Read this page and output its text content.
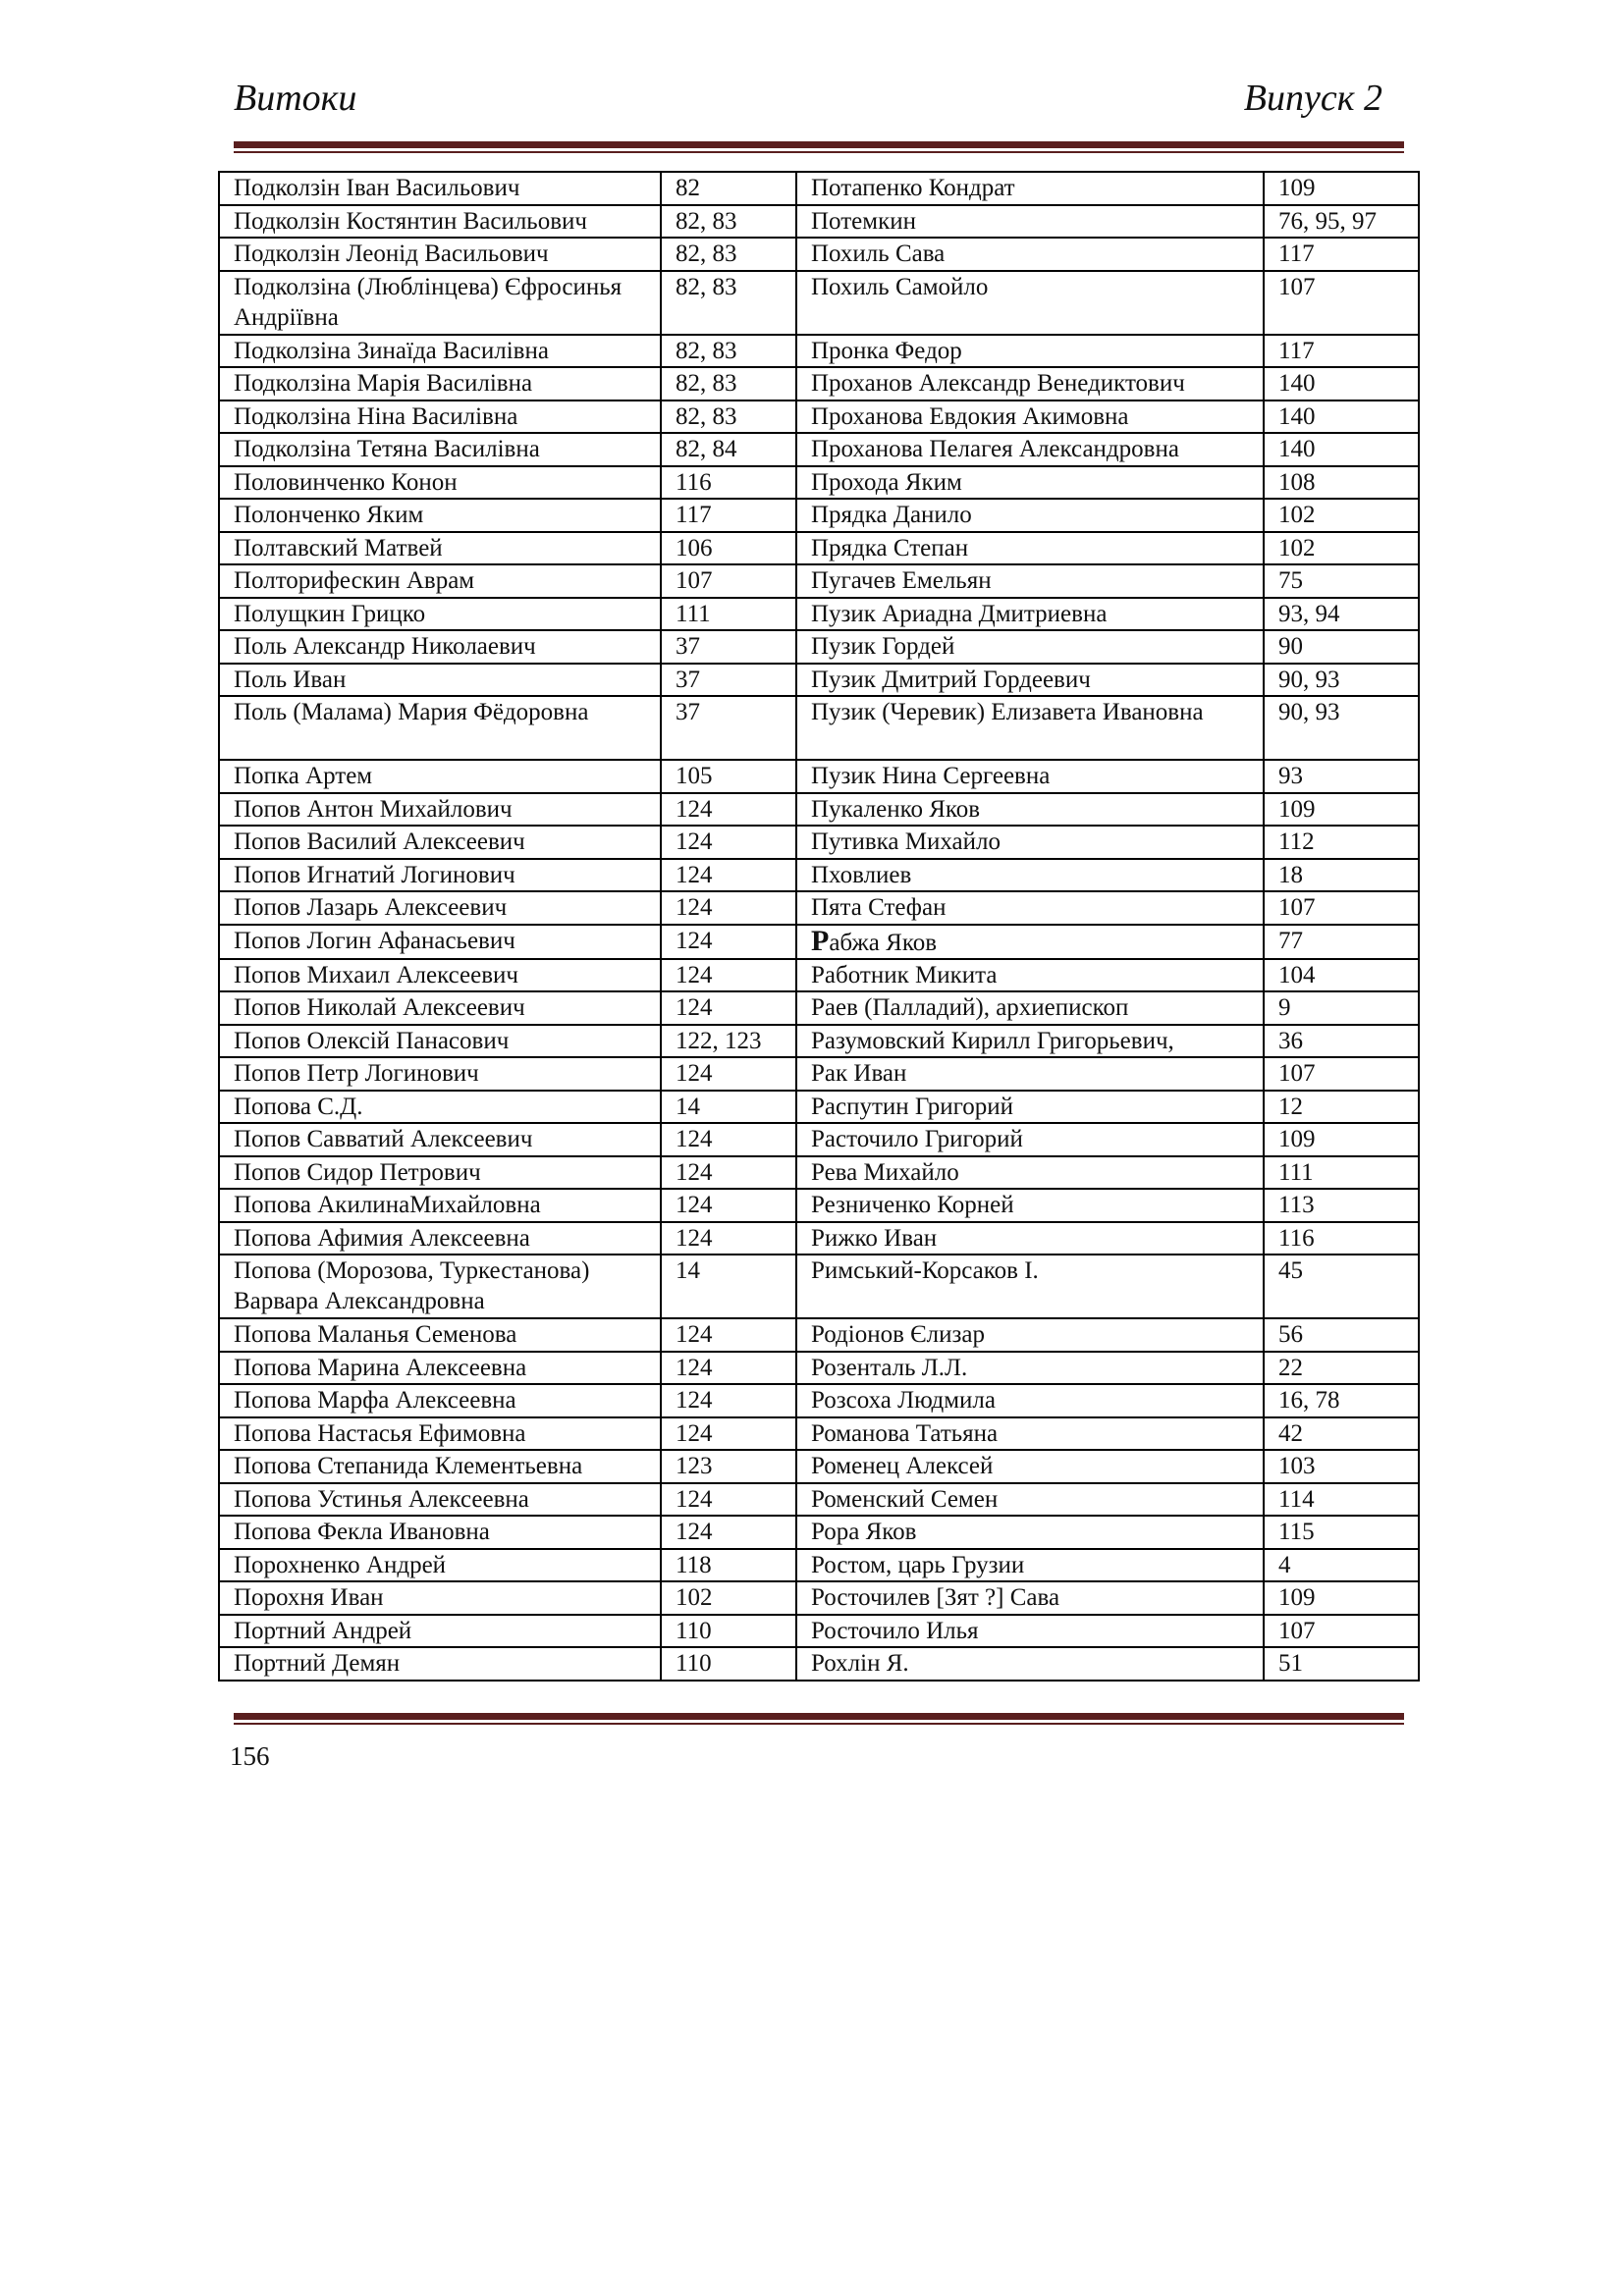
Витоки	Випуск 2
Подколзін Іван Васильович	82	Потапенко Кондрат	109
Подколзін Костянтин Васильович	82, 83	Потемкин	76, 95, 97
Подколзін Леонід Васильович	82, 83	Похиль Сава	117
Подколзіна (Люблінцева) Єфросинья Андріївна	82, 83	Похиль Самойло	107
Подколзіна Зинаїда Василівна	82, 83	Пронка Федор	117
Подколзіна Марія Василівна	82, 83	Проханов Александр Венедиктович	140
Подколзіна Ніна Василівна	82, 83	Проханова Евдокия Акимовна	140
Подколзіна Тетяна Василівна	82, 84	Проханова Пелагея Александровна	140
Половинченко Конон	116	Прохода Яким	108
Полонченко Яким	117	Прядка Данило	102
Полтавский Матвей	106	Прядка Степан	102
Полторифескин Аврам	107	Пугачев Емельян	75
Полущкин Грицко	111	Пузик Ариадна Дмитриевна	93, 94
Поль Александр Николаевич	37	Пузик Гордей	90
Поль Иван	37	Пузик Дмитрий Гордеевич	90, 93
Поль (Малама) Мария Фёдоровна	37	Пузик (Черевик) Елизавета Ивановна	90, 93
Попка Артем	105	Пузик Нина Сергеевна	93
Попов Антон Михайлович	124	Пукаленко Яков	109
Попов Василий Алексеевич	124	Путивка Михайло	112
Попов Игнатий Логинович	124	Пховлиев	18
Попов Лазарь Алексеевич	124	Пята Стефан	107
Попов Логин Афанасьевич	124	Рабжа Яков	77
Попов Михаил Алексеевич	124	Работник Микита	104
Попов Николай Алексеевич	124	Раев (Палладий), архиепископ	9
Попов Олексій Панасович	122, 123	Разумовский Кирилл Григорьевич,	36
Попов Петр Логинович	124	Рак Иван	107
Попова С.Д.	14	Распутин Григорий	12
Попов Савватий Алексеевич	124	Расточило Григорий	109
Попов Сидор Петрович	124	Рева Михайло	111
Попова АкилинаМихайловна	124	Резниченко Корней	113
Попова Афимия Алексеевна	124	Рижко Иван	116
Попова (Морозова, Туркестанова) Варвара Александровна	14	Римський-Корсаков І.	45
Попова Маланья Семенова	124	Родіонов Єлизар	56
Попова Марина Алексеевна	124	Розенталь Л.Л.	22
Попова Марфа Алексеевна	124	Розсоха Людмила	16, 78
Попова Настасья Ефимовна	124	Романова Татьяна	42
Попова Степанида Клементьевна	123	Роменец Алексей	103
Попова Устинья Алексеевна	124	Роменский Семен	114
Попова Фекла Ивановна	124	Рора Яков	115
Порохненко Андрей	118	Ростом, царь Грузии	4
Порохня Иван	102	Росточилев [Зят ?] Сава	109
Портний Андрей	110	Росточило Илья	107
Портний Демян	110	Рохлін Я.	51
156
